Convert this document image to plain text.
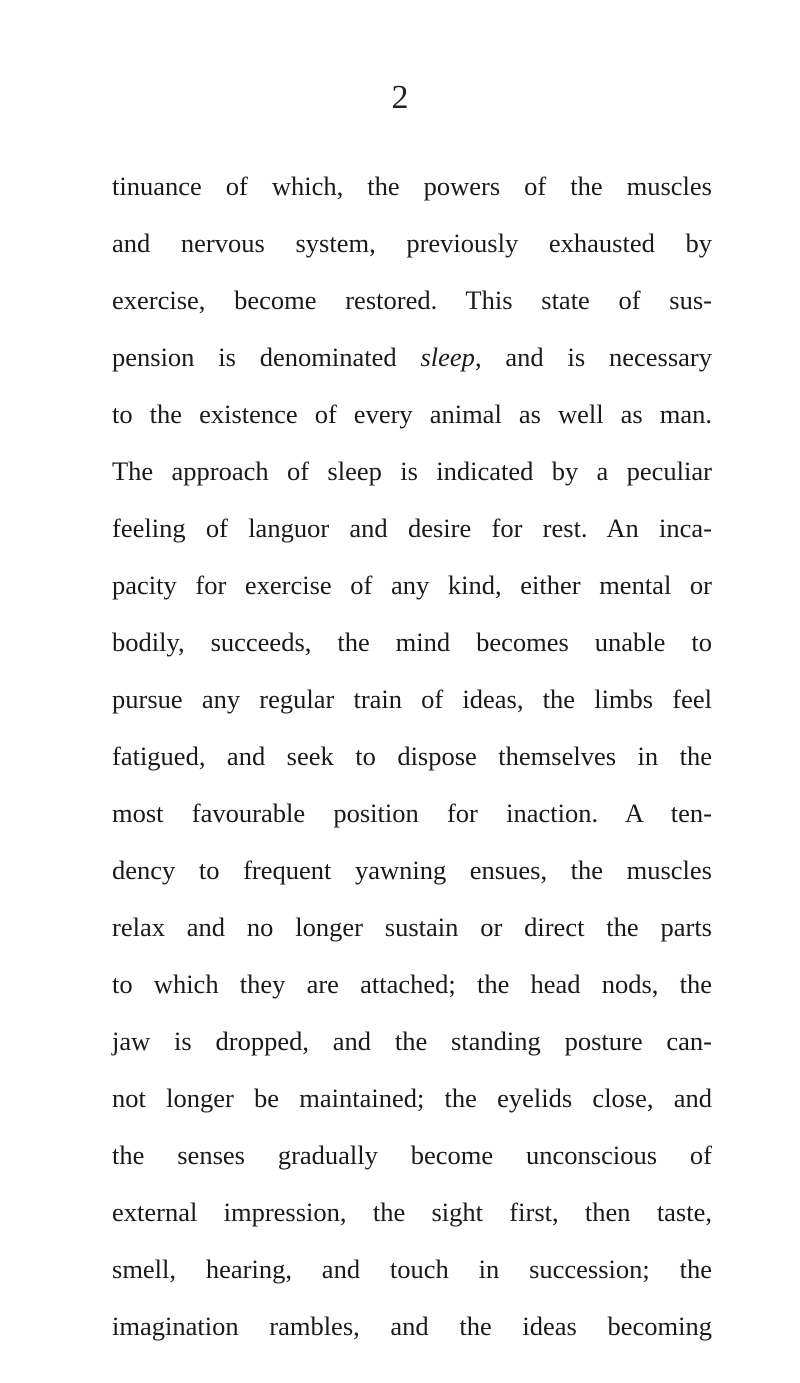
2
tinuance of which, the powers of the muscles
and nervous system, previously exhausted by
exercise, become restored. This state of sus-
pension is denominated sleep, and is necessary
to the existence of every animal as well as man.
The approach of sleep is indicated by a peculiar
feeling of languor and desire for rest. An inca-
pacity for exercise of any kind, either mental or
bodily, succeeds, the mind becomes unable to
pursue any regular train of ideas, the limbs feel
fatigued, and seek to dispose themselves in the
most favourable position for inaction. A ten-
dency to frequent yawning ensues, the muscles
relax and no longer sustain or direct the parts
to which they are attached; the head nods, the
jaw is dropped, and the standing posture can-
not longer be maintained; the eyelids close, and
the senses gradually become unconscious of
external impression, the sight first, then taste,
smell, hearing, and touch in succession; the
imagination rambles, and the ideas becoming
